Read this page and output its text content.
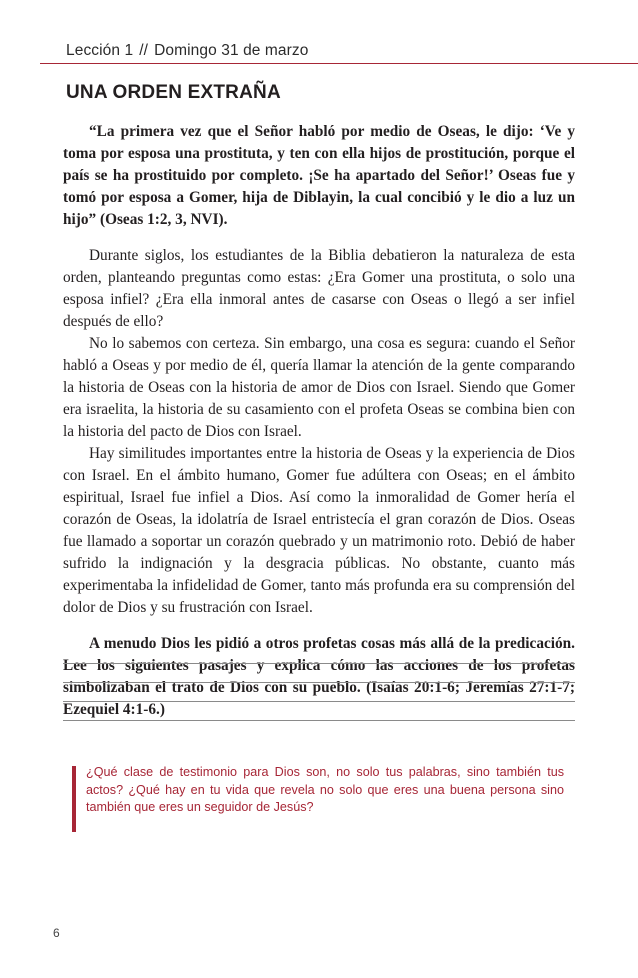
Lección 1 // Domingo 31 de marzo
UNA ORDEN EXTRAÑA

“La primera vez que el Señor habló por medio de Oseas, le dijo: ‘Ve y toma por esposa una prostituta, y ten con ella hijos de prostitución, porque el país se ha prostituido por completo. ¡Se ha apartado del Señor!’ Oseas fue y tomó por esposa a Gomer, hija de Diblayin, la cual concibió y le dio a luz un hijo” (Oseas 1:2, 3, NVI).

Durante siglos, los estudiantes de la Biblia debatieron la naturaleza de esta orden, planteando preguntas como estas: ¿Era Gomer una prostituta, o solo una esposa infiel? ¿Era ella inmoral antes de casarse con Oseas o llegó a ser infiel después de ello?

No lo sabemos con certeza. Sin embargo, una cosa es segura: cuando el Señor habló a Oseas y por medio de él, quería llamar la atención de la gente comparando la historia de Oseas con la historia de amor de Dios con Israel. Siendo que Gomer era israelita, la historia de su casamiento con el profeta Oseas se combina bien con la historia del pacto de Dios con Israel.

Hay similitudes importantes entre la historia de Oseas y la experiencia de Dios con Israel. En el ámbito humano, Gomer fue adúltera con Oseas; en el ámbito espiritual, Israel fue infiel a Dios. Así como la inmoralidad de Gomer hería el corazón de Oseas, la idolatría de Israel entristecía el gran corazón de Dios. Oseas fue llamado a soportar un corazón quebrado y un matrimonio roto. Debió de haber sufrido la indignación y la desgracia públicas. No obstante, cuanto más experimentaba la infidelidad de Gomer, tanto más profunda era su comprensión del dolor de Dios y su frustración con Israel.

A menudo Dios les pidió a otros profetas cosas más allá de la predicación. Lee los siguientes pasajes y explica cómo las acciones de los profetas simbolizaban el trato de Dios con su pueblo. (Isaías 20:1-6; Jeremías 27:1-7; Ezequiel 4:1-6.)

¿Qué clase de testimonio para Dios son, no solo tus palabras, sino también tus actos? ¿Qué hay en tu vida que revela no solo que eres una buena persona sino también que eres un seguidor de Jesús?
6
